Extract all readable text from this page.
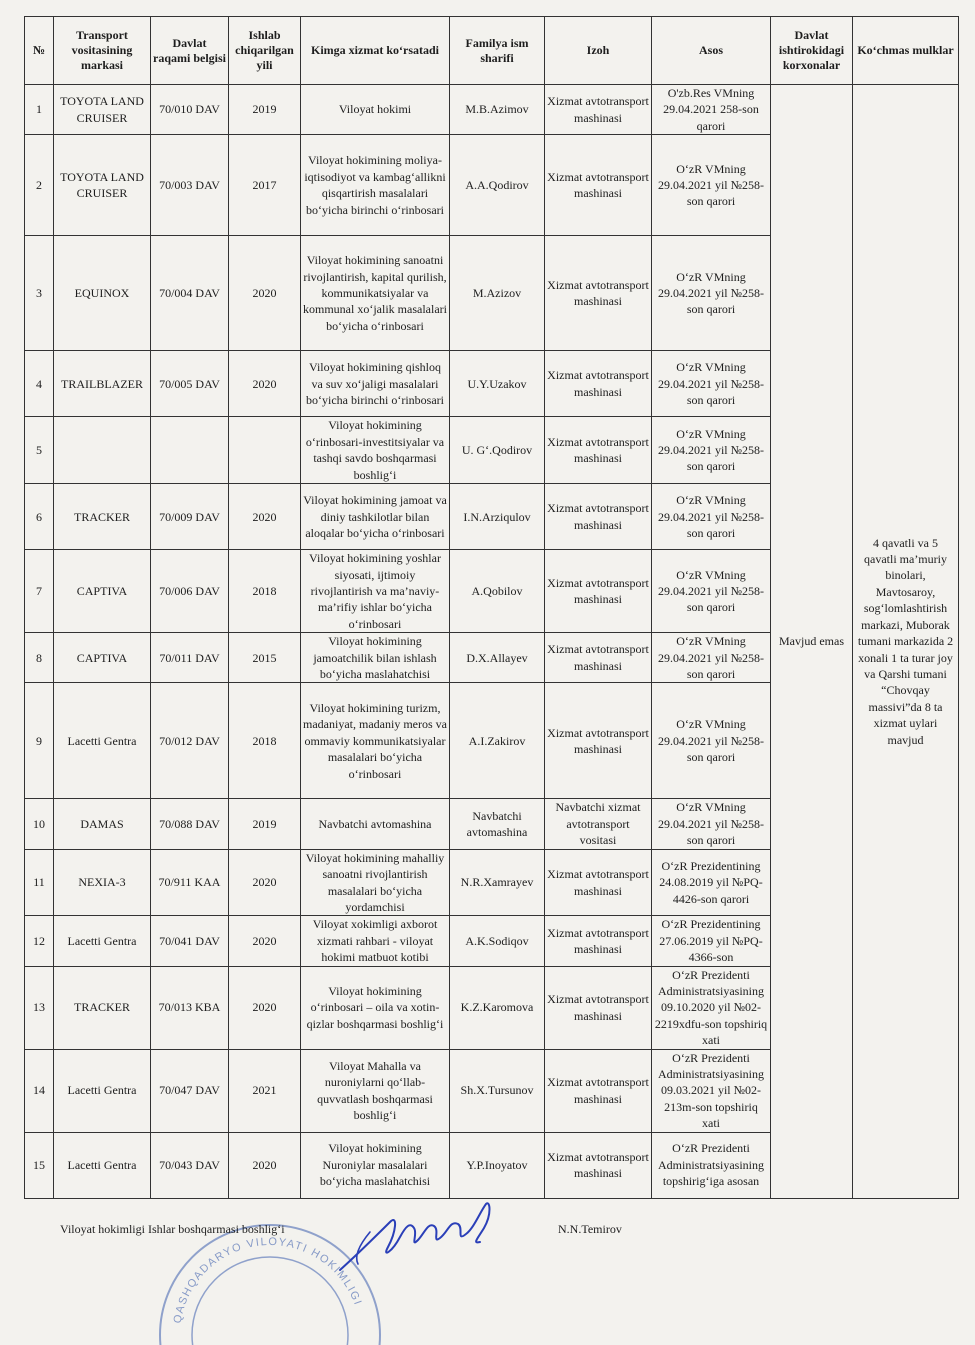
№	Transport vositasining markasi	Davlat raqami belgisi	Ishlab chiqarilgan yili	Kimga xizmat ko‘rsatadi	Familya ism sharifi	Izoh	Asos	Davlat ishtirokidagi korxonalar	Ko‘chmas mulklar
1	TOYOTA LAND CRUISER	70/010 DAV	2019	Viloyat hokimi	M.B.Azimov	Xizmat avtotransport mashinasi	O'zb.Res VMning 29.04.2021 258-son qarori	Mavjud emas	4 qavatli va 5 qavatli ma’muriy binolari, Mavtosaroy, sog‘lomlashtirish markazi, Muborak tumani markazida 2 xonali 1 ta turar joy va Qarshi tumani “Chovqay massivi”da 8 ta xizmat uylari mavjud
2	TOYOTA LAND CRUISER	70/003 DAV	2017	Viloyat hokimining moliya-iqtisodiyot va kambag‘allikni qisqartirish masalalari bo‘yicha birinchi o‘rinbosari	A.A.Qodirov	Xizmat avtotransport mashinasi	O‘zR VMning 29.04.2021 yil №258-son qarori		
3	EQUINOX	70/004 DAV	2020	Viloyat hokimining sanoatni rivojlantirish, kapital qurilish, kommunikatsiyalar va kommunal xo‘jalik masalalari bo‘yicha o‘rinbosari	M.Azizov	Xizmat avtotransport mashinasi	O‘zR VMning 29.04.2021 yil №258-son qarori		
4	TRAILBLAZER	70/005 DAV	2020	Viloyat hokimining qishloq va suv xo‘jaligi masalalari bo‘yicha birinchi o‘rinbosari	U.Y.Uzakov	Xizmat avtotransport mashinasi	O‘zR VMning 29.04.2021 yil №258-son qarori		
5				Viloyat hokimining o‘rinbosari-investitsiyalar va tashqi savdo boshqarmasi boshlig‘i	U. G‘.Qodirov	Xizmat avtotransport mashinasi	O‘zR VMning 29.04.2021 yil №258-son qarori		
6	TRACKER	70/009 DAV	2020	Viloyat hokimining jamoat va diniy tashkilotlar bilan aloqalar bo‘yicha o‘rinbosari	I.N.Arziqulov	Xizmat avtotransport mashinasi	O‘zR VMning 29.04.2021 yil №258-son qarori		
7	CAPTIVA	70/006 DAV	2018	Viloyat hokimining yoshlar siyosati, ijtimoiy rivojlantirish va ma’naviy-ma’rifiy ishlar bo‘yicha o‘rinbosari	A.Qobilov	Xizmat avtotransport mashinasi	O‘zR VMning 29.04.2021 yil №258-son qarori		
8	CAPTIVA	70/011 DAV	2015	Viloyat hokimining jamoatchilik bilan ishlash bo‘yicha maslahatchisi	D.X.Allayev	Xizmat avtotransport mashinasi	O‘zR VMning 29.04.2021 yil №258-son qarori		
9	Lacetti Gentra	70/012 DAV	2018	Viloyat hokimining turizm, madaniyat, madaniy meros va ommaviy kommunikatsiyalar masalalari bo‘yicha o‘rinbosari	A.I.Zakirov	Xizmat avtotransport mashinasi	O‘zR VMning 29.04.2021 yil №258-son qarori		
10	DAMAS	70/088 DAV	2019	Navbatchi avtomashina	Navbatchi avtomashina	Navbatchi xizmat avtotransport vositasi	O‘zR VMning 29.04.2021 yil №258-son qarori		
11	NEXIA-3	70/911 KAA	2020	Viloyat hokimining mahalliy sanoatni rivojlantirish masalalari bo‘yicha yordamchisi	N.R.Xamrayev	Xizmat avtotransport mashinasi	O‘zR Prezidentining 24.08.2019 yil №PQ-4426-son qarori		
12	Lacetti Gentra	70/041 DAV	2020	Viloyat xokimligi axborot xizmati rahbari - viloyat hokimi matbuot kotibi	A.K.Sodiqov	Xizmat avtotransport mashinasi	O‘zR Prezidentining 27.06.2019 yil №PQ-4366-son		
13	TRACKER	70/013 KBA	2020	Viloyat hokimining o‘rinbosari – oila va xotin-qizlar boshqarmasi boshlig‘i	K.Z.Karomova	Xizmat avtotransport mashinasi	O‘zR Prezidenti Administratsiyasining 09.10.2020 yil №02-2219xdfu-son topshiriq xati		
14	Lacetti Gentra	70/047 DAV	2021	Viloyat Mahalla va nuroniylarni qo‘llab-quvvatlash boshqarmasi boshlig‘i	Sh.X.Tursunov	Xizmat avtotransport mashinasi	O‘zR Prezidenti Administratsiyasining 09.03.2021 yil №02-213m-son topshiriq xati		
15	Lacetti Gentra	70/043 DAV	2020	Viloyat hokimining Nuroniylar masalalari bo‘yicha maslahatchisi	Y.P.Inoyatov	Xizmat avtotransport mashinasi	O‘zR Prezidenti Administratsiyasining topshirig‘iga asosan		
QASHQADARYO VILOYATI HOKIMLIGI
Viloyat hokimligi Ishlar boshqarmasi boshlig‘i	N.N.Temirov
